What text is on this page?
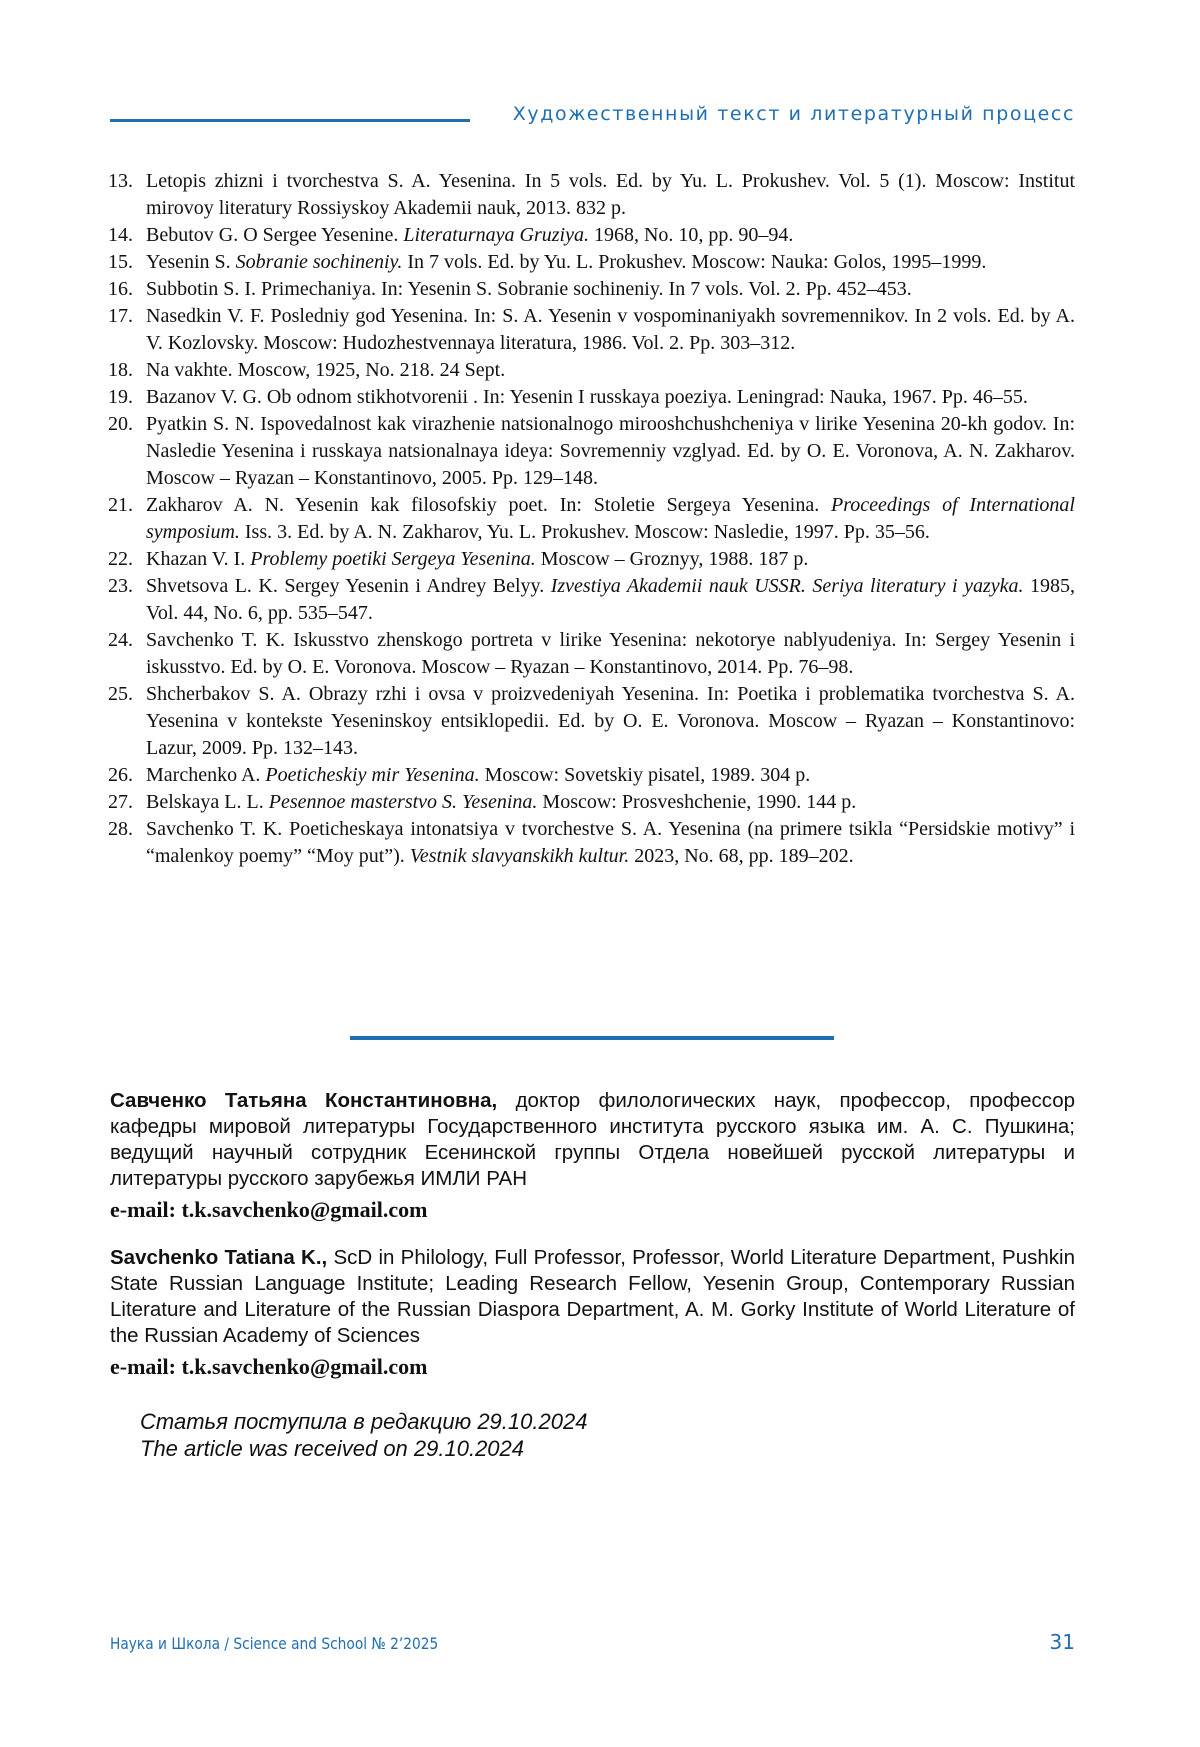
Художественный текст и литературный процесс
13. Letopis zhizni i tvorchestva S. A. Yesenina. In 5 vols. Ed. by Yu. L. Prokushev. Vol. 5 (1). Moscow: Institut mirovoy literatury Rossiyskoy Akademii nauk, 2013. 832 p.
14. Bebutov G. O Sergee Yesenine. Literaturnaya Gruziya. 1968, No. 10, pp. 90–94.
15. Yesenin S. Sobranie sochineniy. In 7 vols. Ed. by Yu. L. Prokushev. Moscow: Nauka: Golos, 1995–1999.
16. Subbotin S. I. Primechaniya. In: Yesenin S. Sobranie sochineniy. In 7 vols. Vol. 2. Pp. 452–453.
17. Nasedkin V. F. Posledniy god Yesenina. In: S. A. Yesenin v vospominaniyakh sovremennikov. In 2 vols. Ed. by A. V. Kozlovsky. Moscow: Hudozhestvennaya literatura, 1986. Vol. 2. Pp. 303–312.
18. Na vakhte. Moscow, 1925, No. 218. 24 Sept.
19. Bazanov V. G. Ob odnom stikhotvorenii . In: Yesenin I russkaya poeziya. Leningrad: Nauka, 1967. Pp. 46–55.
20. Pyatkin S. N. Ispovedalnost kak virazhenie natsionalnogo mirooshchushcheniya v lirike Yesenina 20-kh godov. In: Nasledie Yesenina i russkaya natsionalnaya ideya: Sovremenniy vzglyad. Ed. by O. E. Voronova, A. N. Zakharov. Moscow – Ryazan – Konstantinovo, 2005. Pp. 129–148.
21. Zakharov A. N. Yesenin kak filosofskiy poet. In: Stoletie Sergeya Yesenina. Proceedings of International symposium. Iss. 3. Ed. by A. N. Zakharov, Yu. L. Prokushev. Moscow: Nasledie, 1997. Pp. 35–56.
22. Khazan V. I. Problemy poetiki Sergeya Yesenina. Moscow – Groznyy, 1988. 187 p.
23. Shvetsova L. K. Sergey Yesenin i Andrey Belyy. Izvestiya Akademii nauk USSR. Seriya literatury i yazyka. 1985, Vol. 44, No. 6, pp. 535–547.
24. Savchenko T. K. Iskusstvo zhenskogo portreta v lirike Yesenina: nekotorye nablyudeniya. In: Sergey Yesenin i iskusstvo. Ed. by O. E. Voronova. Moscow – Ryazan – Konstantinovo, 2014. Pp. 76–98.
25. Shcherbakov S. A. Obrazy rzhi i ovsa v proizvedeniyah Yesenina. In: Poetika i problematika tvorchestva S. A. Yesenina v kontekste Yeseninskoy entsiklopedii. Ed. by O. E. Voronova. Moscow – Ryazan – Konstantinovo: Lazur, 2009. Pp. 132–143.
26. Marchenko A. Poeticheskiy mir Yesenina. Moscow: Sovetskiy pisatel, 1989. 304 p.
27. Belskaya L. L. Pesennoe masterstvo S. Yesenina. Moscow: Prosveshchenie, 1990. 144 p.
28. Savchenko T. K. Poeticheskaya intonatsiya v tvorchestve S. A. Yesenina (na primere tsikla “Persidskie motivy” i “malenkoy poemy” “Moy put”). Vestnik slavyanskikh kultur. 2023, No. 68, pp. 189–202.
Савченко Татьяна Константиновна, доктор филологических наук, профессор, профессор кафедры мировой литературы Государственного института русского языка им. А. С. Пушкина; ведущий научный сотрудник Есенинской группы Отдела новейшей русской литературы и литературы русского зарубежья ИМЛИ РАН
e-mail: t.k.savchenko@gmail.com
Savchenko Tatiana K., ScD in Philology, Full Professor, Professor, World Literature Department, Pushkin State Russian Language Institute; Leading Research Fellow, Yesenin Group, Contemporary Russian Literature and Literature of the Russian Diaspora Department, A. M. Gorky Institute of World Literature of the Russian Academy of Sciences
e-mail: t.k.savchenko@gmail.com
Статья поступила в редакцию 29.10.2024
The article was received on 29.10.2024
Наука и Школа / Science and School № 2’2025	31
